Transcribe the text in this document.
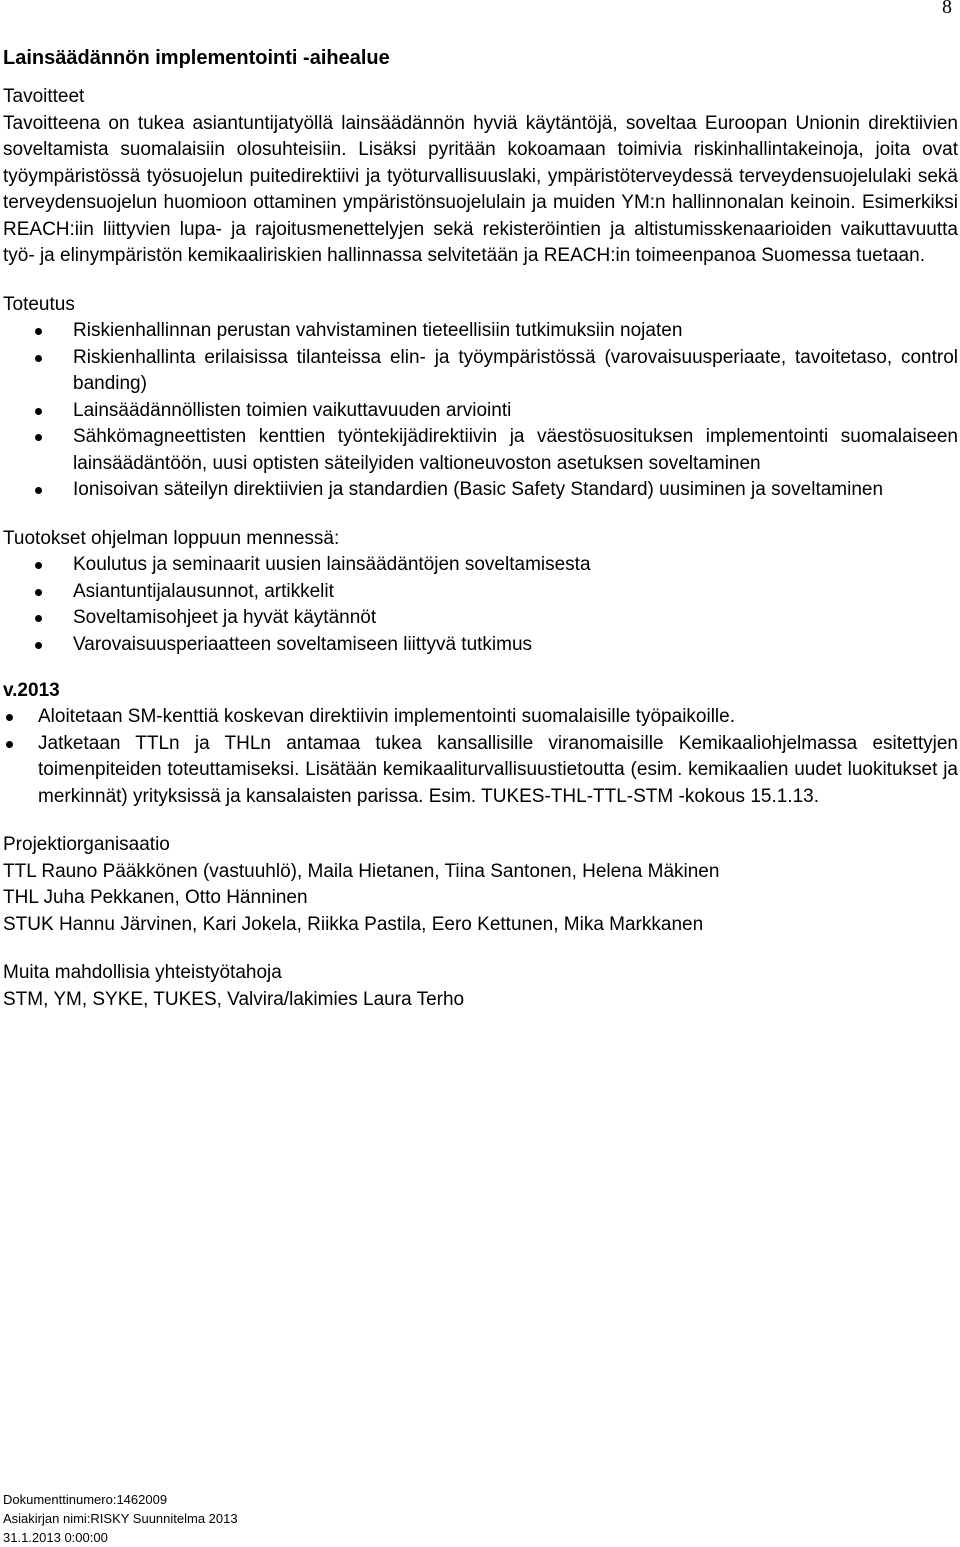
8
Lainsäädännön implementointi -aihealue
Tavoitteet
Tavoitteena on tukea asiantuntijatyöllä lainsäädännön hyviä käytäntöjä, soveltaa Euroopan Unionin direktiivien soveltamista suomalaisiin olosuhteisiin. Lisäksi pyritään kokoamaan toimivia riskinhallintakeinoja, joita ovat työympäristössä työsuojelun puitedirektiivi ja työturvallisuuslaki, ympäristöterveydessä terveydensuojelulaki sekä terveydensuojelun huomioon ottaminen ympäristönsuojelulain ja muiden YM:n hallinnonalan keinoin. Esimerkiksi REACH:iin liittyvien lupa- ja rajoitusmenettelyjen sekä rekisteröintien ja altistumisskenaarioiden vaikuttavuutta työ- ja elinympäristön kemikaaliriskien hallinnassa selvitetään ja REACH:in toimeenpanoa Suomessa tuetaan.
Toteutus
Riskienhallinnan perustan vahvistaminen tieteellisiin tutkimuksiin nojaten
Riskienhallinta erilaisissa tilanteissa elin- ja työympäristössä (varovaisuusperiaate, tavoitetaso, control banding)
Lainsäädännöllisten toimien vaikuttavuuden arviointi
Sähkömagneettisten kenttien työntekijädirektiivin ja väestösuosituksen implementointi suomalaiseen lainsäädäntöön, uusi optisten säteilyiden valtioneuvoston asetuksen soveltaminen
Ionisoivan säteilyn direktiivien ja standardien (Basic Safety Standard) uusiminen ja soveltaminen
Tuotokset ohjelman loppuun mennessä:
Koulutus ja seminaarit uusien lainsäädäntöjen soveltamisesta
Asiantuntijalausunnot, artikkelit
Soveltamisohjeet ja hyvät käytännöt
Varovaisuusperiaatteen soveltamiseen liittyvä tutkimus
v.2013
Aloitetaan SM-kenttiä koskevan direktiivin implementointi suomalaisille työpaikoille.
Jatketaan TTLn ja THLn antamaa tukea kansallisille viranomaisille Kemikaaliohjelmassa esitettyjen toimenpiteiden toteuttamiseksi. Lisätään kemikaaliturvallisuustietoutta (esim. kemikaalien uudet luokitukset ja merkinnät) yrityksissä ja kansalaisten parissa. Esim. TUKES-THL-TTL-STM -kokous 15.1.13.
Projektiorganisaatio
TTL Rauno Pääkkönen (vastuuhlö), Maila Hietanen, Tiina Santonen, Helena Mäkinen
THL Juha Pekkanen, Otto Hänninen
STUK Hannu Järvinen, Kari Jokela, Riikka Pastila, Eero Kettunen, Mika Markkanen
Muita mahdollisia yhteistyötahoja
STM, YM, SYKE, TUKES, Valvira/lakimies Laura Terho
Dokumenttinumero:1462009
Asiakirjan nimi:RISKY Suunnitelma 2013
31.1.2013 0:00:00
